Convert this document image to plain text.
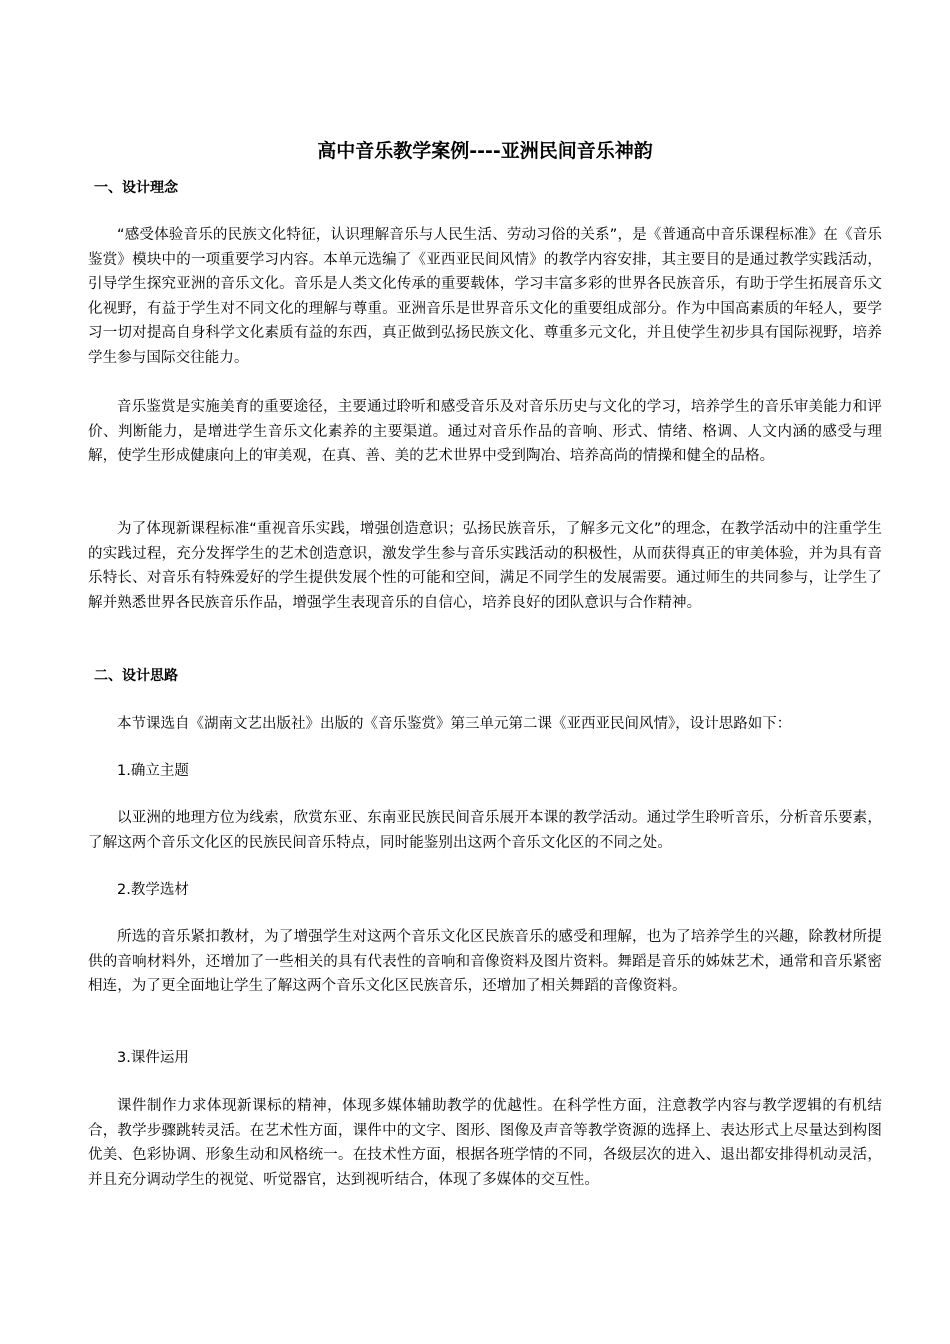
高中音乐教学案例----亚洲民间音乐神韵
一、设计理念

“感受体验音乐的民族文化特征，认识理解音乐与人民生活、劳动习俗的关系”，是《普通高中音乐课程标准》在《音乐鉴赏》模块中的一项重要学习内容。本单元选编了《亚西亚民间风情》的教学内容安排，其主要目的是通过教学实践活动，引导学生探究亚洲的音乐文化。音乐是人类文化传承的重要载体，学习丰富多彩的世界各民族音乐，有助于学生拓展音乐文化视野，有益于学生对不同文化的理解与尊重。亚洲音乐是世界音乐文化的重要组成部分。作为中国高素质的年轻人，要学习一切对提高自身科学文化素质有益的东西，真正做到弘扬民族文化、尊重多元文化，并且使学生初步具有国际视野，培养学生参与国际交往能力。

音乐鉴赏是实施美育的重要途径，主要通过聆听和感受音乐及对音乐历史与文化的学习，培养学生的音乐审美能力和评价、判断能力，是增进学生音乐文化素养的主要渠道。通过对音乐作品的音响、形式、情绪、格调、人文内涵的感受与理解，使学生形成健康向上的审美观，在真、善、美的艺术世界中受到陶冶、培养高尚的情操和健全的品格。

为了体现新课程标准“重视音乐实践，增强创造意识；弘扬民族音乐，了解多元文化”的理念，在教学活动中的注重学生的实践过程，充分发挥学生的艺术创造意识，激发学生参与音乐实践活动的积极性，从而获得真正的审美体验，并为具有音乐特长、对音乐有特殊爱好的学生提供发展个性的可能和空间，满足不同学生的发展需要。通过师生的共同参与，让学生了解并熟悉世界各民族音乐作品，增强学生表现音乐的自信心，培养良好的团队意识与合作精神。

二、设计思路

本节课选自《湖南文艺出版社》出版的《音乐鉴赏》第三单元第二课《亚西亚民间风情》，设计思路如下：

1.确立主题

以亚洲的地理方位为线索，欣赏东亚、东南亚民族民间音乐展开本课的教学活动。通过学生聆听音乐，分析音乐要素，了解这两个音乐文化区的民族民间音乐特点，同时能鉴别出这两个音乐文化区的不同之处。

2.教学选材

所选的音乐紧扣教材，为了增强学生对这两个音乐文化区民族音乐的感受和理解，也为了培养学生的兴趣，除教材所提供的音响材料外，还增加了一些相关的具有代表性的音响和音像资料及图片资料。舞蹈是音乐的姊妹艺术，通常和音乐紧密相连，为了更全面地让学生了解这两个音乐文化区民族音乐，还增加了相关舞蹈的音像资料。

3.课件运用

课件制作力求体现新课标的精神，体现多媒体辅助教学的优越性。在科学性方面，注意教学内容与教学逻辑的有机结合，教学步骤跳转灵活。在艺术性方面，课件中的文字、图形、图像及声音等教学资源的选择上、表达形式上尽量达到构图优美、色彩协调、形象生动和风格统一。在技术性方面，根据各班学情的不同，各级层次的进入、退出都安排得机动灵活，并且充分调动学生的视觉、听觉器官，达到视听结合，体现了多媒体的交互性。
